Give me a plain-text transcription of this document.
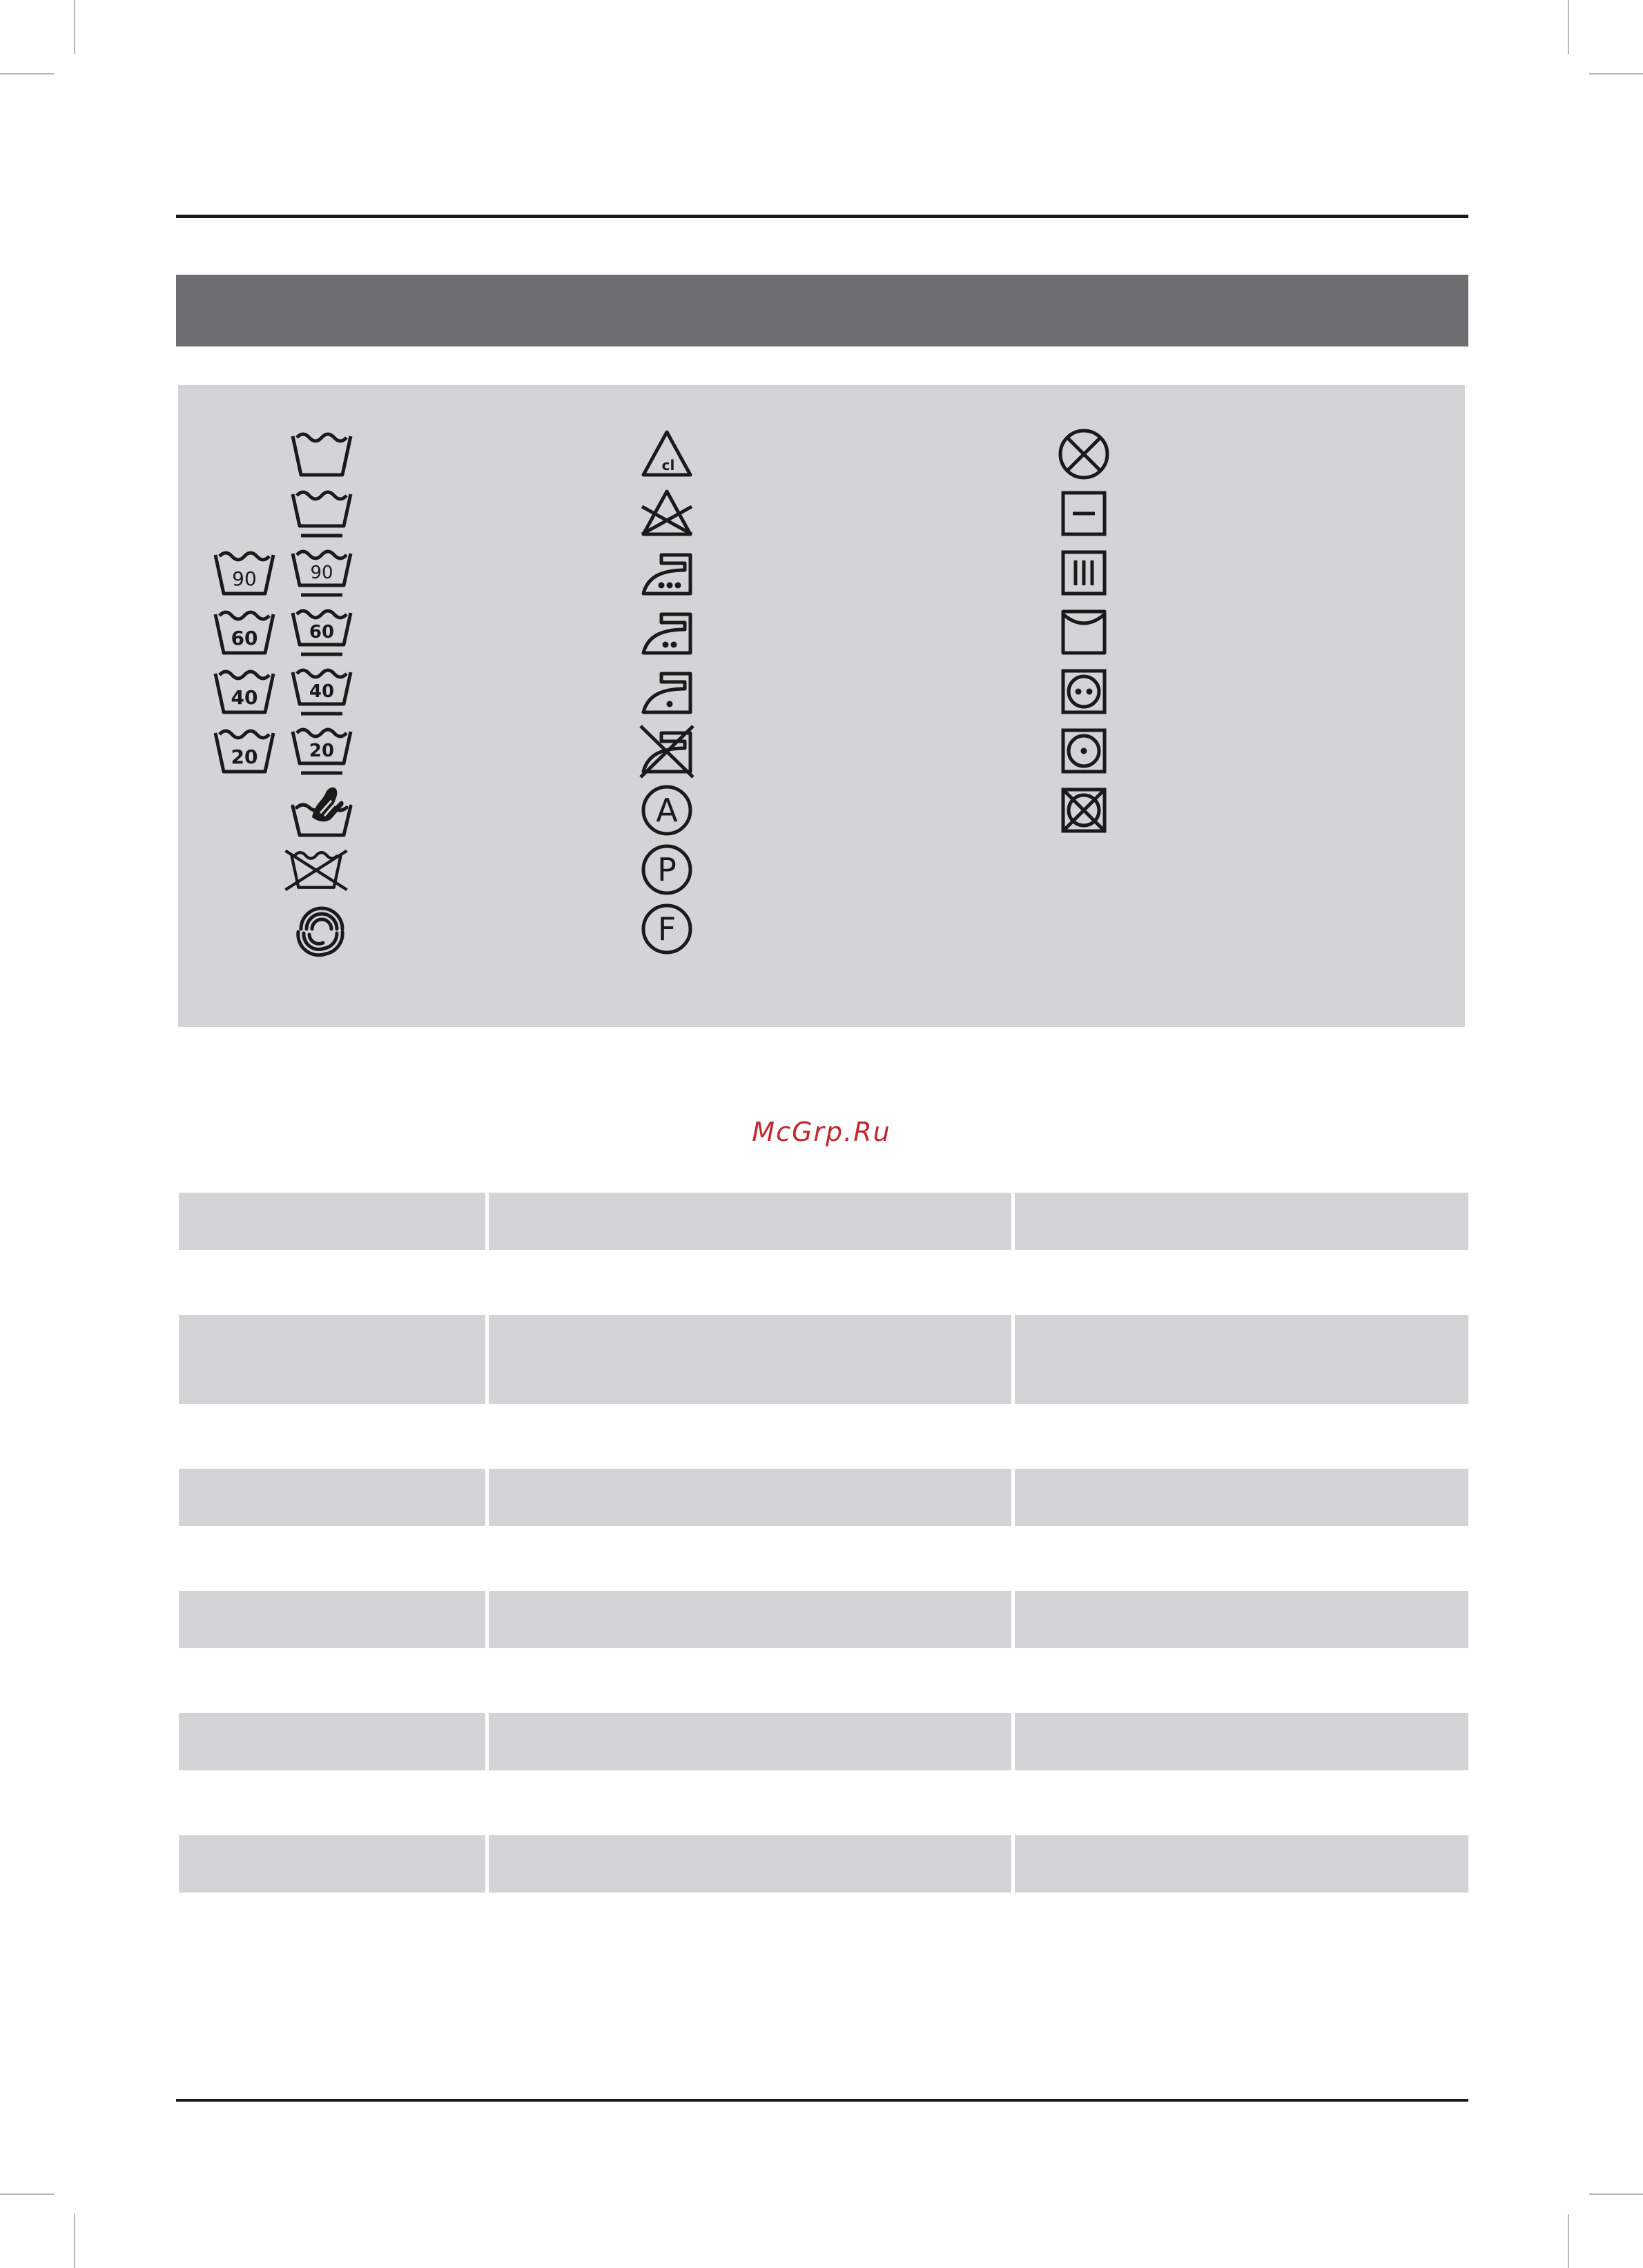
90
60
40
20
90
60
40
20
cl
A
P
F
McGrp.Ru
